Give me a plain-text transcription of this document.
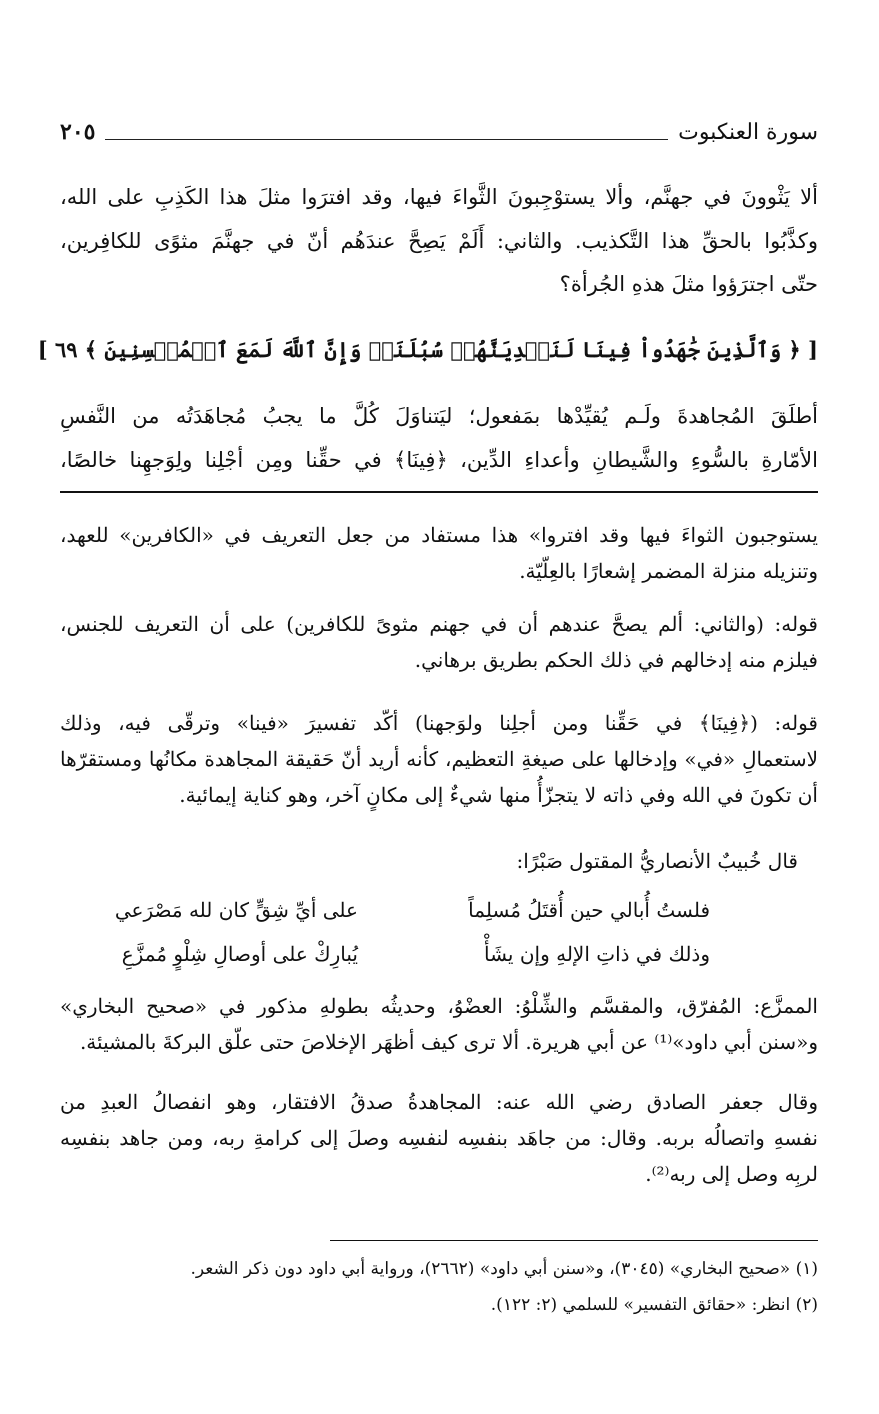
سورة العنكبوت
٢٠٥
ألا يَثْوونَ في جهنَّم، وألا يستوْجِبونَ الثَّواءَ فيها، وقد افترَوا مثلَ هذا الكَذِبِ على الله،
وكذَّبُوا بالحقِّ هذا التَّكذيب. والثاني: أَلَمْ يَصِحَّ عندَهُم أنّ في جهنَّمَ مثوًى للكافِرين،
حتّى اجترَؤوا مثلَ هذهِ الجُرأة؟
[ ﴿ وَٱلَّذِينَ جَٰهَدُواْ فِينَا لَنَهۡدِيَنَّهُمۡ سُبُلَنَاۚ وَإِنَّ ٱللَّهَ لَمَعَ ٱلۡمُحۡسِنِينَ ﴾ ٦٩ ]
أطلَقَ المُجاهدةَ ولَـم يُقيِّدْها بمَفعول؛ ليَتناوَلَ كُلَّ ما يجبُ مُجاهَدَتُه من النَّفسِ
الأمّارةِ بالسُّوءِ والشَّيطانِ وأعداءِ الدِّين، ﴿فِينَا﴾ في حقِّنا ومِن أجْلِنا ولِوَجهِنا خالصًا،
يستوجبون الثواءَ فيها وقد افتروا» هذا مستفاد من جعل التعريف في «الكافرين» للعهد،
وتنزيله منزلة المضمر إشعارًا بالعِلّيّة.
قوله: (والثاني: ألم يصحَّ عندهم أن في جهنم مثوىً للكافرين) على أن التعريف للجنس،
فيلزم منه إدخالهم في ذلك الحكم بطريق برهاني.
قوله: (﴿فِينَا﴾ في حَقِّنا ومن أجلِنا ولوَجهنا) أكّد تفسيرَ «فينا» وترقّى فيه، وذلك
لاستعمالِ «في» وإدخالها على صيغةِ التعظيم، كأنه أريد أنّ حَقيقة المجاهدة مكانُها ومستقرّها
أن تكونَ في الله وفي ذاته لا يتجزّأُ منها شيءٌ إلى مكانٍ آخر، وهو كناية إيمائية.
قال خُبيبٌ الأنصاريُّ المقتول صَبْرًا:
فلستُ أُبالي حين أُقتَلُ مُسلِماً
على أيِّ شِقٍّ كان لله مَصْرَعي
وذلك في ذاتِ الإلهِ وإن يشَأْ
يُبارِكْ على أوصالِ شِلْوٍ مُمزَّعِ
الممزَّع: المُفرّق، والمقسَّم والشِّلْوُ: العضْوُ، وحديثُه بطولهِ مذكور في «صحيح البخاري»
و«سنن أبي داود»⁽¹⁾ عن أبي هريرة. ألا ترى كيف أظهَر الإخلاصَ حتى علّق البركةَ بالمشيئة.
وقال جعفر الصادق رضي الله عنه: المجاهدةُ صدقُ الافتقار، وهو انفصالُ العبدِ من
نفسهِ واتصالُه بربه. وقال: من جاهَد بنفسِه لنفسِه وصلَ إلى كرامةِ ربه، ومن جاهد بنفسِه
لربِه وصل إلى ربه⁽²⁾.
(١) «صحيح البخاري» (٣٠٤٥)، و«سنن أبي داود» (٢٦٦٢)، ورواية أبي داود دون ذكر الشعر.
(٢) انظر: «حقائق التفسير» للسلمي (٢: ١٢٢).
